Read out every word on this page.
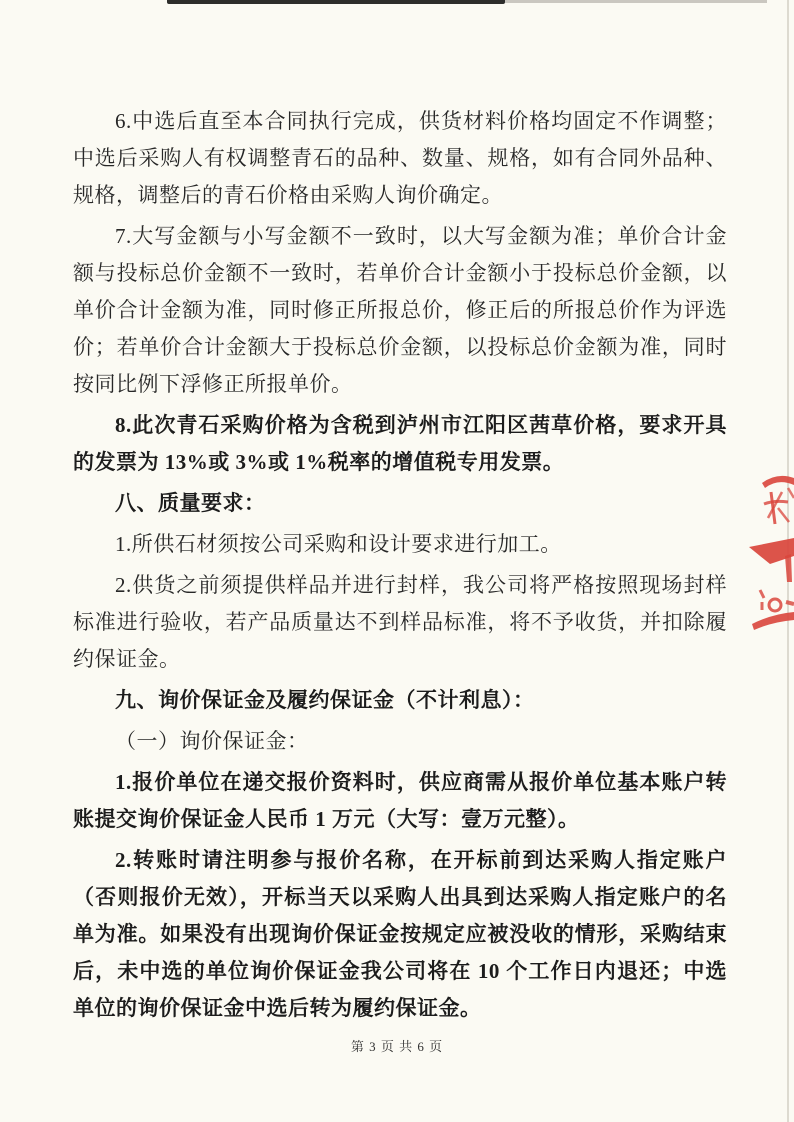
6.中选后直至本合同执行完成，供货材料价格均固定不作调整；中选后采购人有权调整青石的品种、数量、规格，如有合同外品种、规格，调整后的青石价格由采购人询价确定。

7.大写金额与小写金额不一致时，以大写金额为准；单价合计金额与投标总价金额不一致时，若单价合计金额小于投标总价金额，以单价合计金额为准，同时修正所报总价，修正后的所报总价作为评选价；若单价合计金额大于投标总价金额，以投标总价金额为准，同时按同比例下浮修正所报单价。

8.此次青石采购价格为含税到泸州市江阳区茜草价格，要求开具的发票为 13%或 3%或 1%税率的增值税专用发票。

八、质量要求：

1.所供石材须按公司采购和设计要求进行加工。

2.供货之前须提供样品并进行封样，我公司将严格按照现场封样标准进行验收，若产品质量达不到样品标准，将不予收货，并扣除履约保证金。

九、询价保证金及履约保证金（不计利息）：

（一）询价保证金：

1.报价单位在递交报价资料时，供应商需从报价单位基本账户转账提交询价保证金人民币 1 万元（大写：壹万元整）。

2.转账时请注明参与报价名称，在开标前到达采购人指定账户（否则报价无效），开标当天以采购人出具到达采购人指定账户的名单为准。如果没有出现询价保证金按规定应被没收的情形，采购结束后，未中选的单位询价保证金我公司将在 10 个工作日内退还；中选单位的询价保证金中选后转为履约保证金。

第 3 页 共 6 页
